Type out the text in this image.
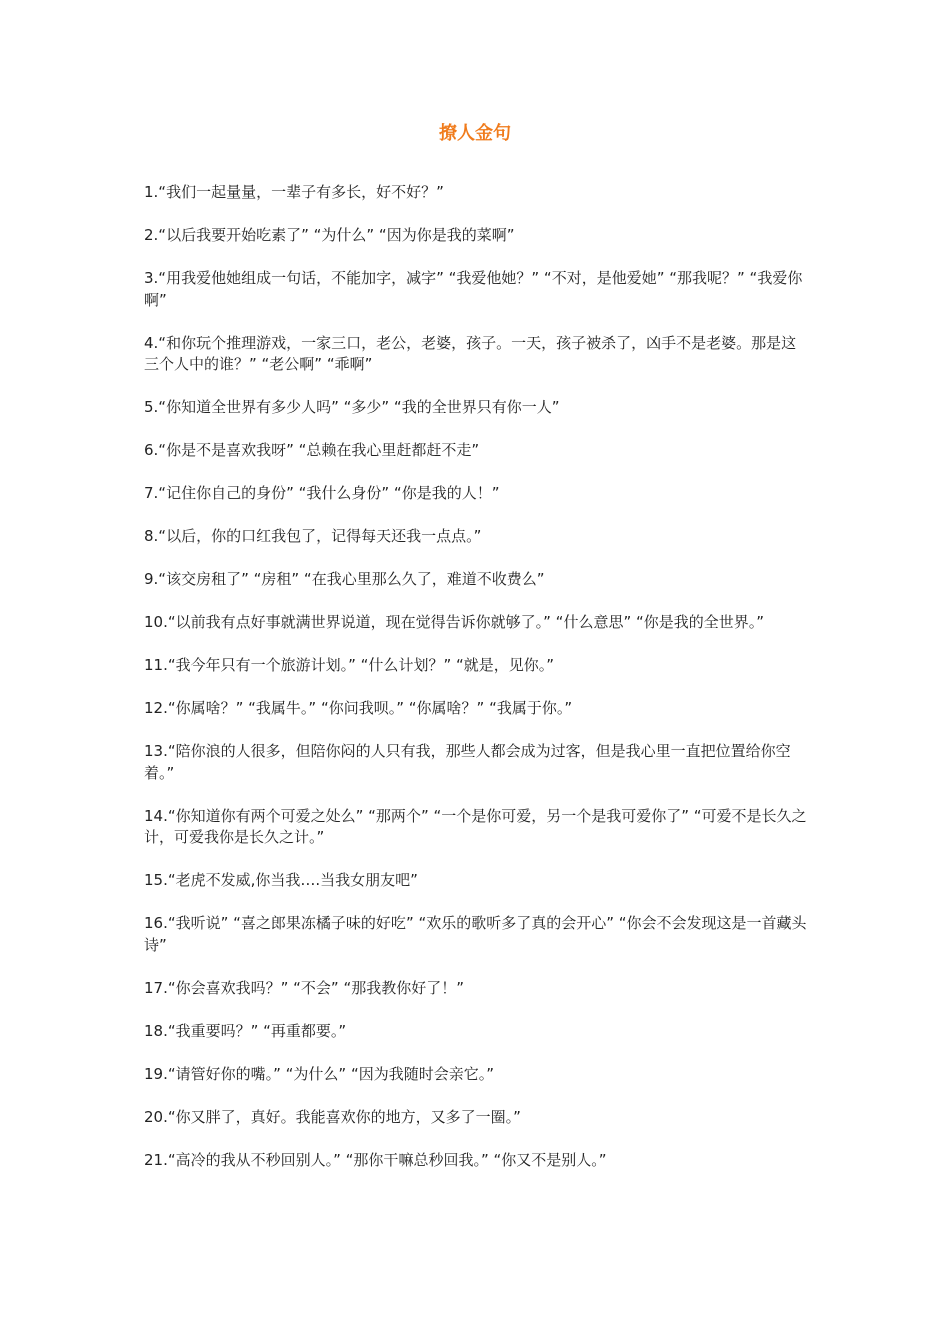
撩人金句
1.“我们一起量量，一辈子有多长，好不好？”
2.“以后我要开始吃素了” “为什么” “因为你是我的菜啊”
3.“用我爱他她组成一句话，不能加字，减字” “我爱他她？” “不对，是他爱她” “那我呢？” “我爱你啊”
4.“和你玩个推理游戏，一家三口，老公，老婆，孩子。一天，孩子被杀了，凶手不是老婆。那是这三个人中的谁？” “老公啊” “乖啊”
5.“你知道全世界有多少人吗” “多少” “我的全世界只有你一人”
6.“你是不是喜欢我呀” “总赖在我心里赶都赶不走”
7.“记住你自己的身份” “我什么身份” “你是我的人！”
8.“以后，你的口红我包了，记得每天还我一点点。”
9.“该交房租了” “房租” “在我心里那么久了，难道不收费么”
10.“以前我有点好事就满世界说道，现在觉得告诉你就够了。” “什么意思” “你是我的全世界。”
11.“我今年只有一个旅游计划。” “什么计划？” “就是，见你。”
12.“你属啥？” “我属牛。” “你问我呗。” “你属啥？” “我属于你。”
13.“陪你浪的人很多，但陪你闷的人只有我，那些人都会成为过客，但是我心里一直把位置给你空着。”
14.“你知道你有两个可爱之处么” “那两个” “一个是你可爱，另一个是我可爱你了” “可爱不是长久之计，可爱我你是长久之计。”
15.“老虎不发威,你当我….当我女朋友吧”
16.“我听说” “喜之郎果冻橘子味的好吃” “欢乐的歌听多了真的会开心” “你会不会发现这是一首藏头诗”
17.“你会喜欢我吗？” “不会” “那我教你好了！”
18.“我重要吗？” “再重都要。”
19.“请管好你的嘴。” “为什么” “因为我随时会亲它。”
20.“你又胖了，真好。我能喜欢你的地方，又多了一圈。”
21.“高冷的我从不秒回别人。” “那你干嘛总秒回我。” “你又不是别人。”
